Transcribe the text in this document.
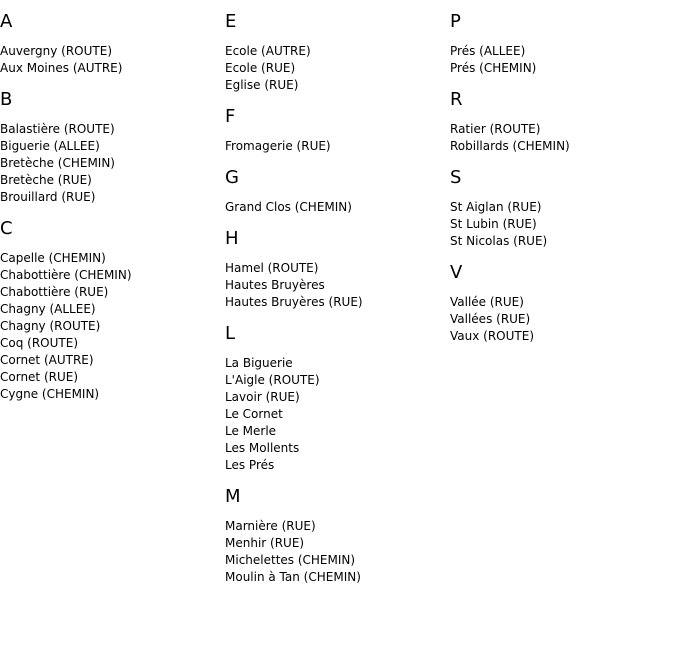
A
Auvergny (ROUTE)
Aux Moines (AUTRE)
B
Balastière (ROUTE)
Biguerie (ALLEE)
Bretèche (CHEMIN)
Bretèche (RUE)
Brouillard (RUE)
C
Capelle (CHEMIN)
Chabottière (CHEMIN)
Chabottière (RUE)
Chagny (ALLEE)
Chagny (ROUTE)
Coq (ROUTE)
Cornet (AUTRE)
Cornet (RUE)
Cygne (CHEMIN)
E
Ecole (AUTRE)
Ecole (RUE)
Eglise (RUE)
F
Fromagerie (RUE)
G
Grand Clos (CHEMIN)
H
Hamel (ROUTE)
Hautes Bruyères
Hautes Bruyères (RUE)
L
La Biguerie
L'Aigle (ROUTE)
Lavoir (RUE)
Le Cornet
Le Merle
Les Mollents
Les Prés
M
Marnière (RUE)
Menhir (RUE)
Michelettes (CHEMIN)
Moulin à Tan (CHEMIN)
P
Prés (ALLEE)
Prés (CHEMIN)
R
Ratier (ROUTE)
Robillards (CHEMIN)
S
St Aiglan (RUE)
St Lubin (RUE)
St Nicolas (RUE)
V
Vallée (RUE)
Vallées (RUE)
Vaux (ROUTE)
